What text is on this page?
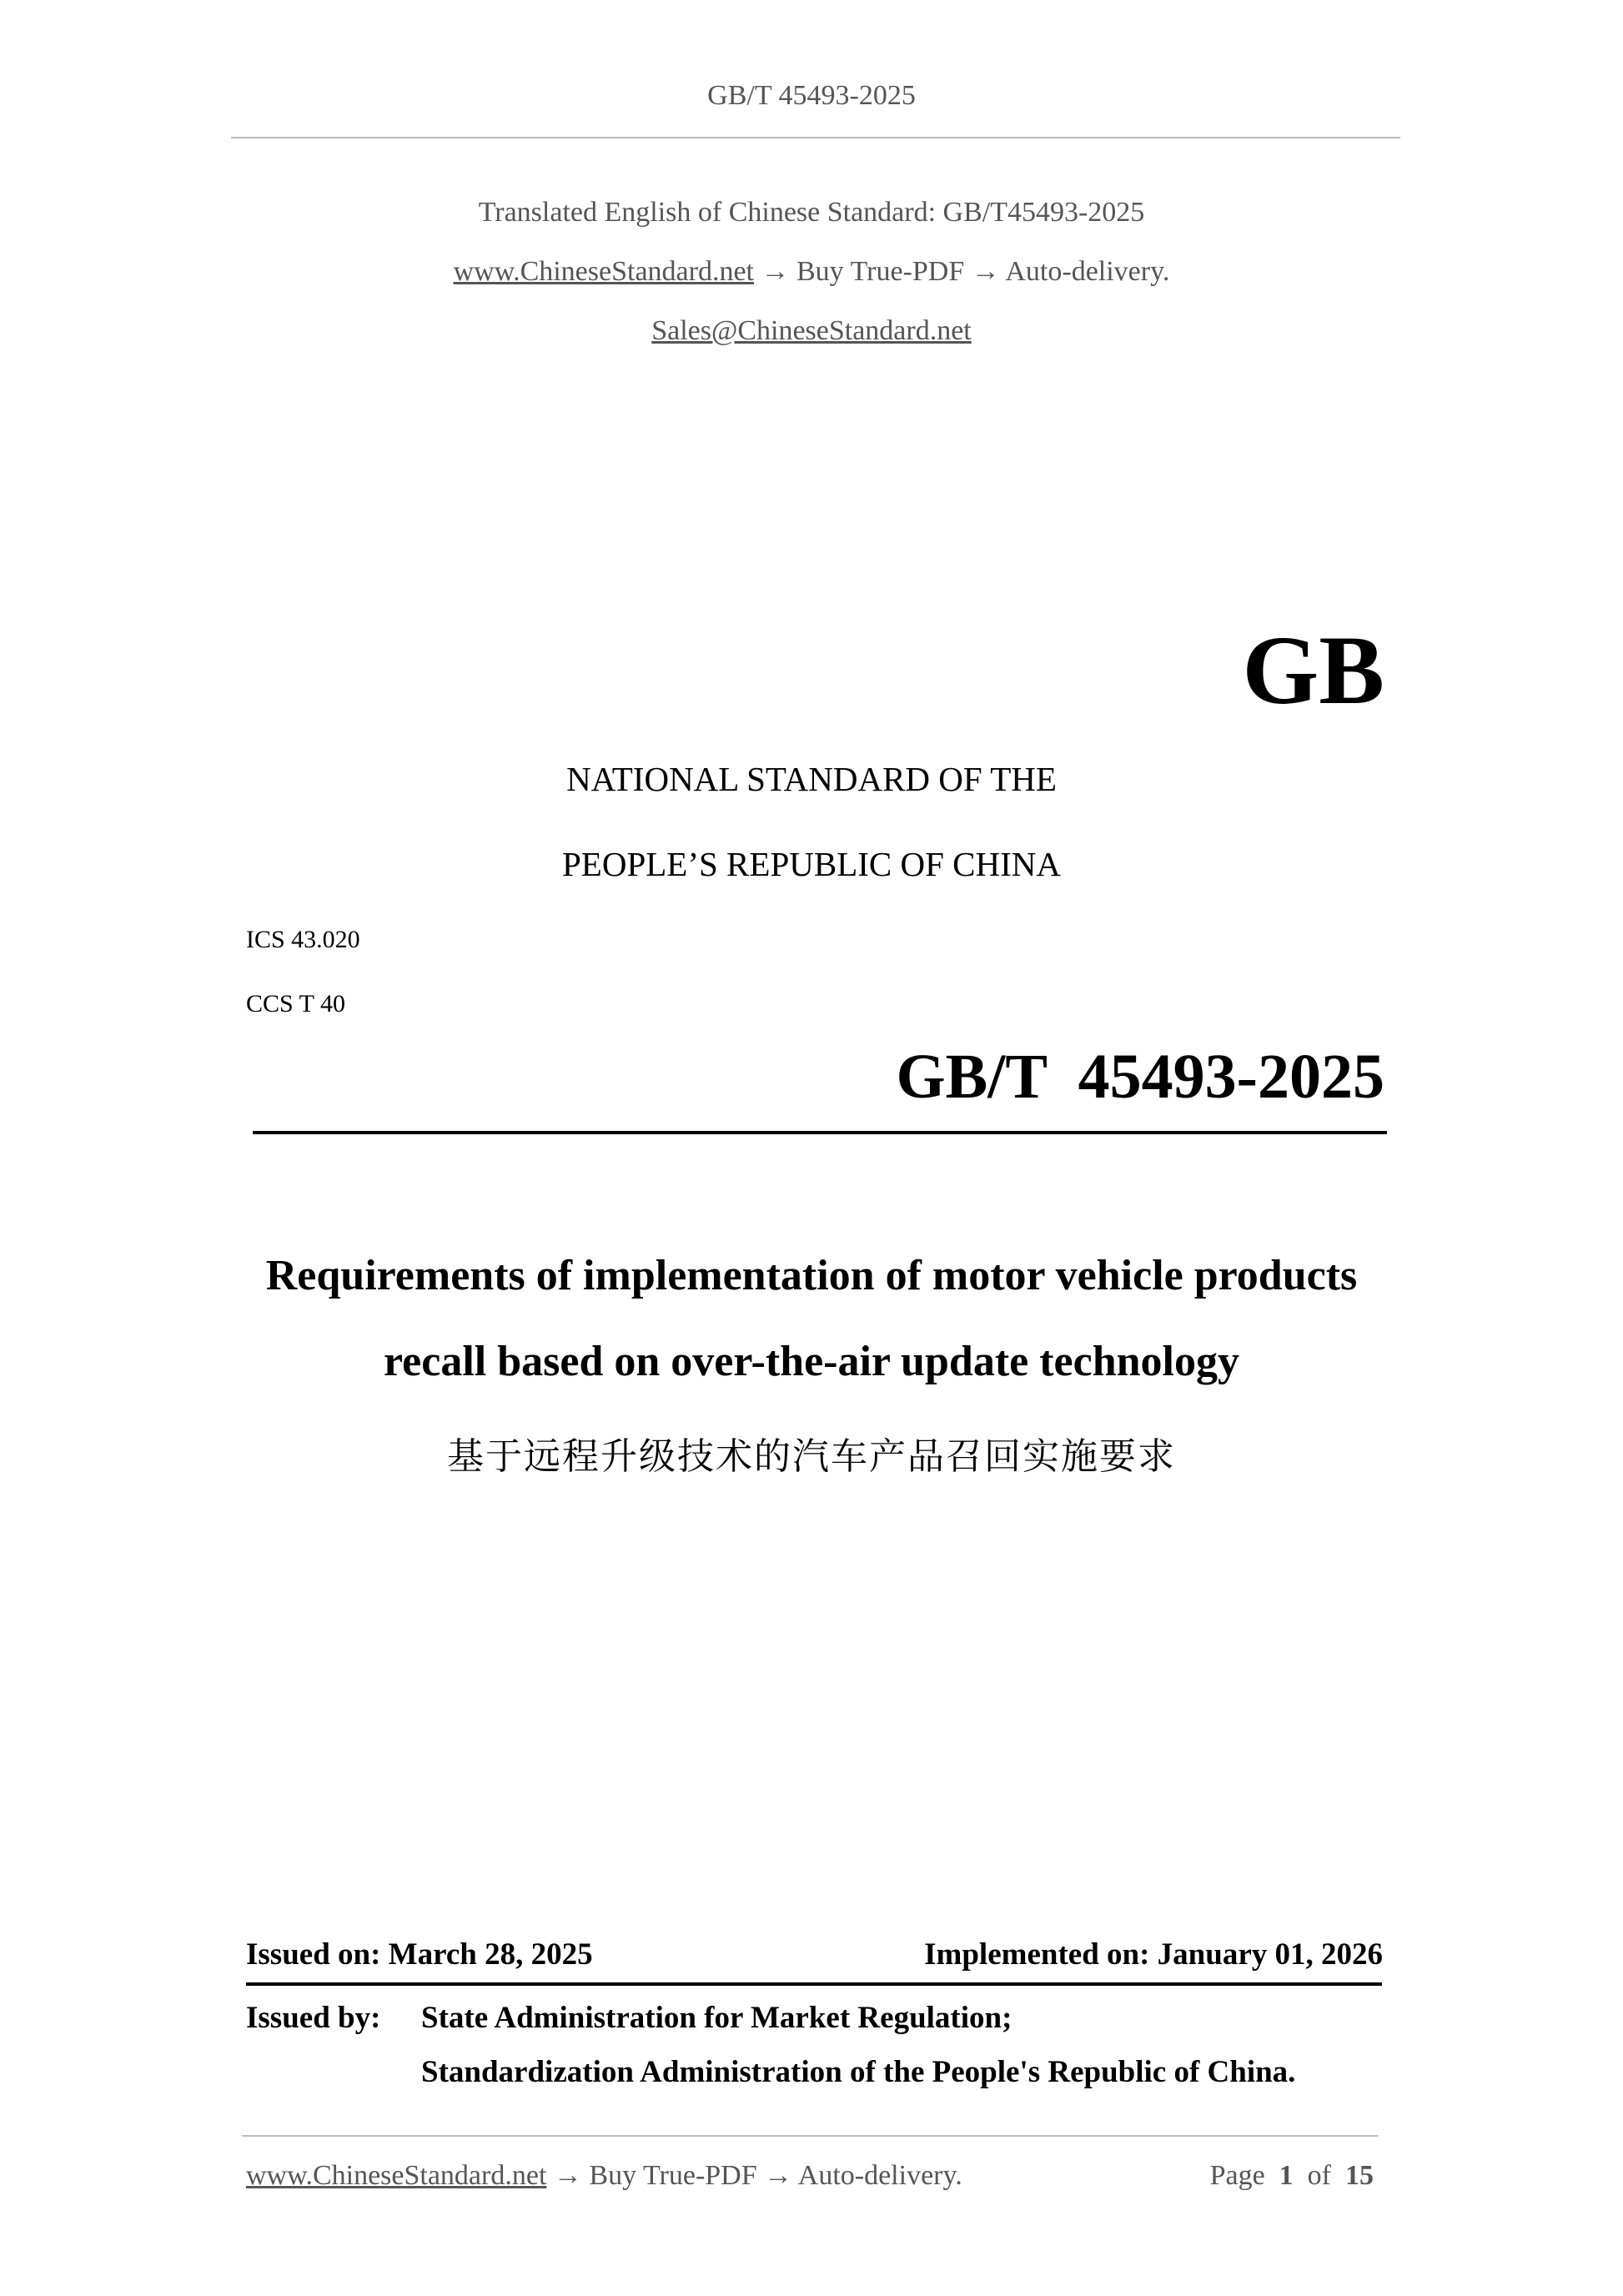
GB/T 45493-2025
Translated English of Chinese Standard: GB/T45493-2025
www.ChineseStandard.net → Buy True-PDF → Auto-delivery.
Sales@ChineseStandard.net
GB
NATIONAL STANDARD OF THE
PEOPLE’S REPUBLIC OF CHINA
ICS 43.020
CCS T 40
GB/T  45493-2025
Requirements of implementation of motor vehicle products
recall based on over-the-air update technology
基于远程升级技术的汽车产品召回实施要求
Issued on: March 28, 2025	Implemented on: January 01, 2026
Issued by: State Administration for Market Regulation;
Standardization Administration of the People's Republic of China.
www.ChineseStandard.net → Buy True-PDF → Auto-delivery.	Page 1 of 15
